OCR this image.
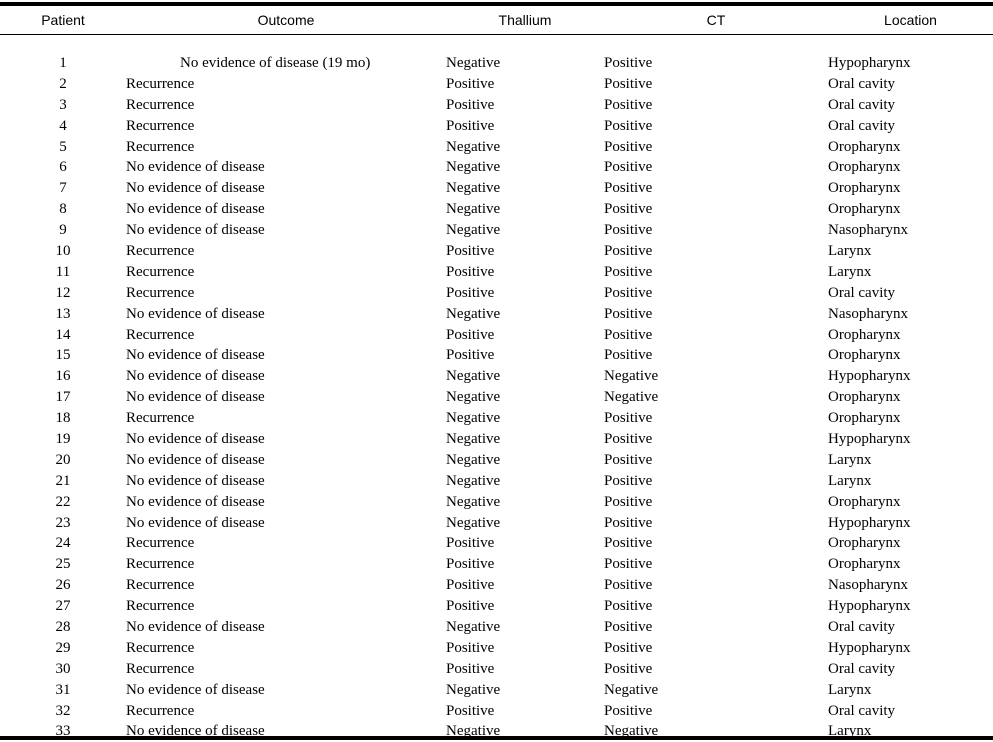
Patient	Outcome	Thallium	CT	Location

1	No evidence of disease (19 mo)	Negative	Positive	Hypopharynx
2	Recurrence	Positive	Positive	Oral cavity
3	Recurrence	Positive	Positive	Oral cavity
4	Recurrence	Positive	Positive	Oral cavity
5	Recurrence	Negative	Positive	Oropharynx
6	No evidence of disease	Negative	Positive	Oropharynx
7	No evidence of disease	Negative	Positive	Oropharynx
8	No evidence of disease	Negative	Positive	Oropharynx
9	No evidence of disease	Negative	Positive	Nasopharynx
10	Recurrence	Positive	Positive	Larynx
11	Recurrence	Positive	Positive	Larynx
12	Recurrence	Positive	Positive	Oral cavity
13	No evidence of disease	Negative	Positive	Nasopharynx
14	Recurrence	Positive	Positive	Oropharynx
15	No evidence of disease	Positive	Positive	Oropharynx
16	No evidence of disease	Negative	Negative	Hypopharynx
17	No evidence of disease	Negative	Negative	Oropharynx
18	Recurrence	Negative	Positive	Oropharynx
19	No evidence of disease	Negative	Positive	Hypopharynx
20	No evidence of disease	Negative	Positive	Larynx
21	No evidence of disease	Negative	Positive	Larynx
22	No evidence of disease	Negative	Positive	Oropharynx
23	No evidence of disease	Negative	Positive	Hypopharynx
24	Recurrence	Positive	Positive	Oropharynx
25	Recurrence	Positive	Positive	Oropharynx
26	Recurrence	Positive	Positive	Nasopharynx
27	Recurrence	Positive	Positive	Hypopharynx
28	No evidence of disease	Negative	Positive	Oral cavity
29	Recurrence	Positive	Positive	Hypopharynx
30	Recurrence	Positive	Positive	Oral cavity
31	No evidence of disease	Negative	Negative	Larynx
32	Recurrence	Positive	Positive	Oral cavity
33	No evidence of disease	Negative	Negative	Larynx
